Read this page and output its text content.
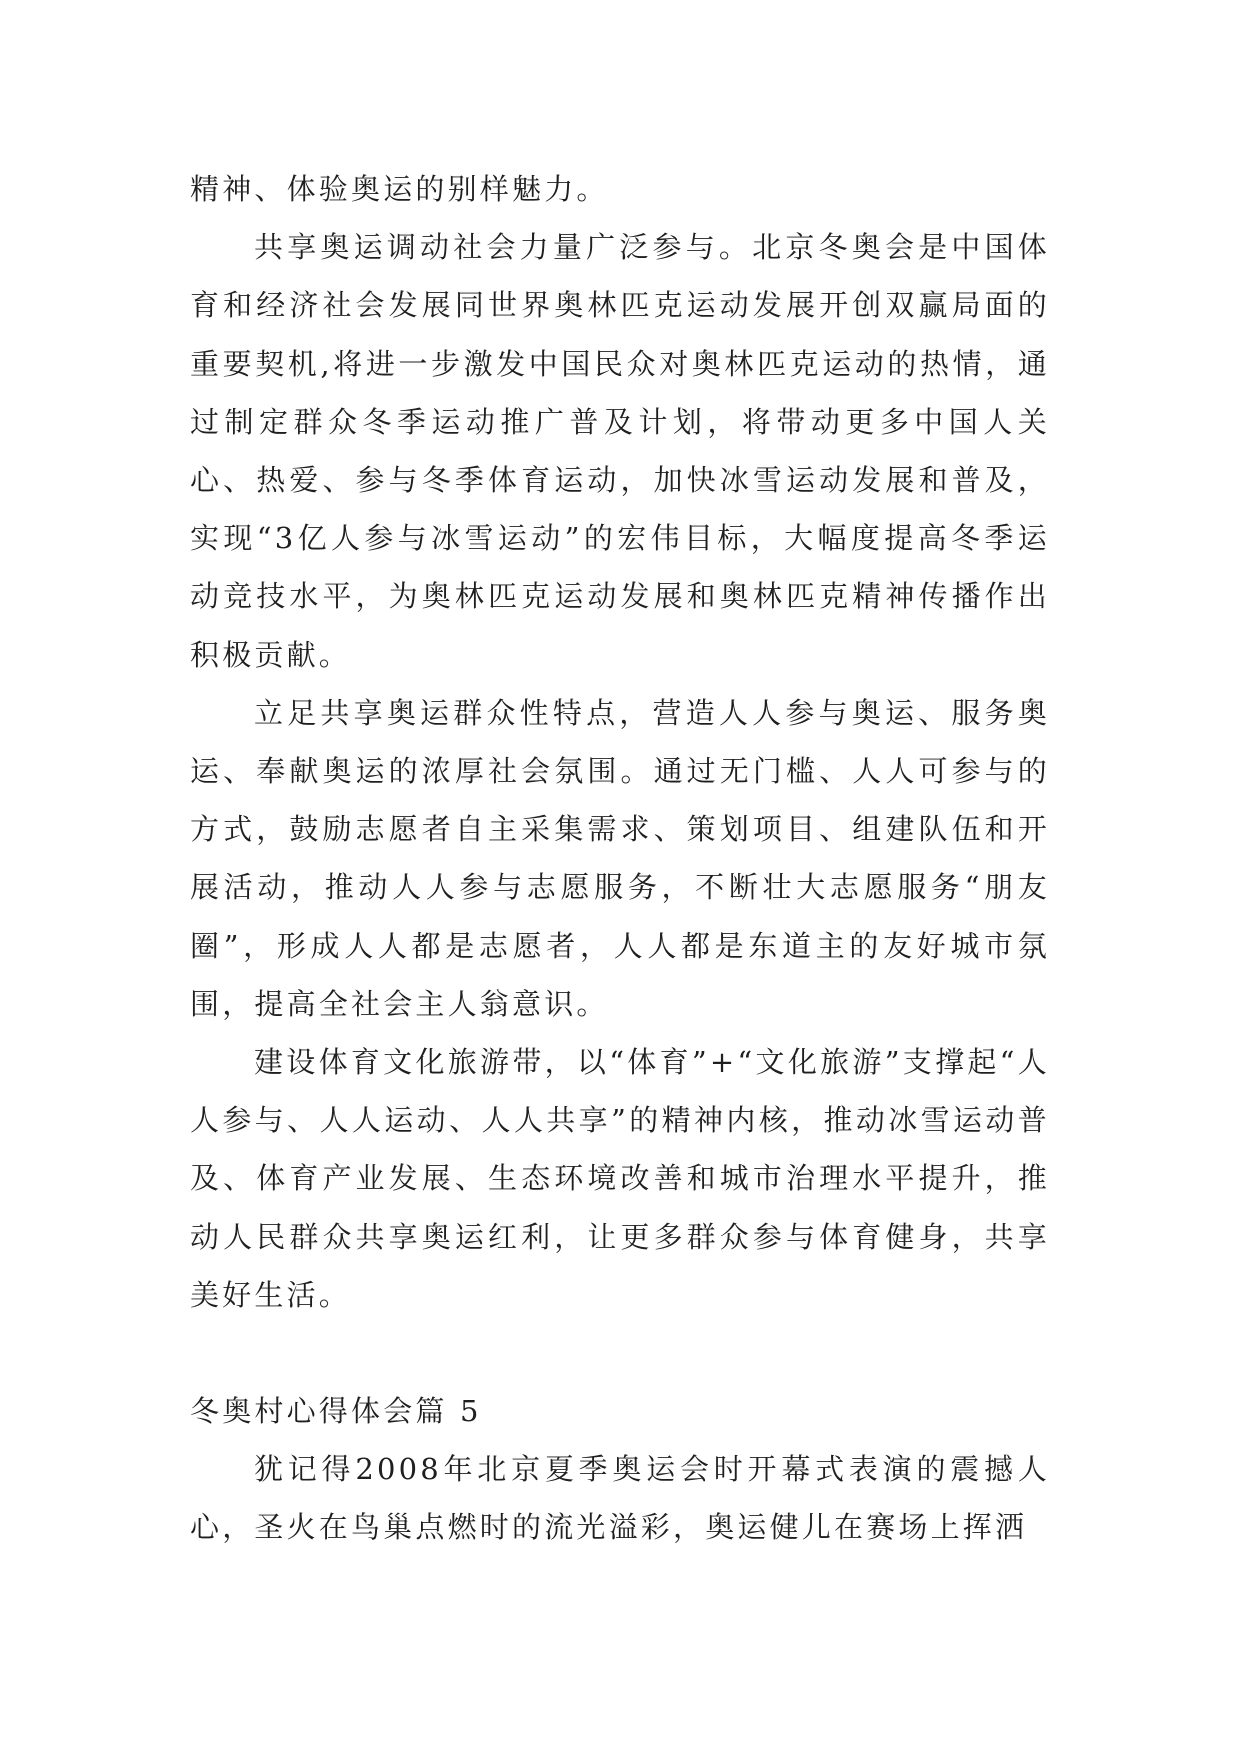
精神、体验奥运的别样魅力。

共享奥运调动社会力量广泛参与。北京冬奥会是中国体育和经济社会发展同世界奥林匹克运动发展开创双赢局面的重要契机,将进一步激发中国民众对奥林匹克运动的热情，通过制定群众冬季运动推广普及计划，将带动更多中国人关心、热爱、参与冬季体育运动，加快冰雪运动发展和普及，实现“3亿人参与冰雪运动”的宏伟目标，大幅度提高冬季运动竞技水平，为奥林匹克运动发展和奥林匹克精神传播作出积极贡献。

立足共享奥运群众性特点，营造人人参与奥运、服务奥运、奉献奥运的浓厚社会氛围。通过无门槛、人人可参与的方式，鼓励志愿者自主采集需求、策划项目、组建队伍和开展活动，推动人人参与志愿服务，不断壮大志愿服务“朋友圈”，形成人人都是志愿者，人人都是东道主的友好城市氛围，提高全社会主人翁意识。

建设体育文化旅游带，以“体育”+“文化旅游”支撑起“人人参与、人人运动、人人共享”的精神内核，推动冰雪运动普及、体育产业发展、生态环境改善和城市治理水平提升，推动人民群众共享奥运红利，让更多群众参与体育健身，共享美好生活。

冬奥村心得体会篇 5

犹记得2008年北京夏季奥运会时开幕式表演的震撼人心，圣火在鸟巢点燃时的流光溢彩，奥运健儿在赛场上挥洒
